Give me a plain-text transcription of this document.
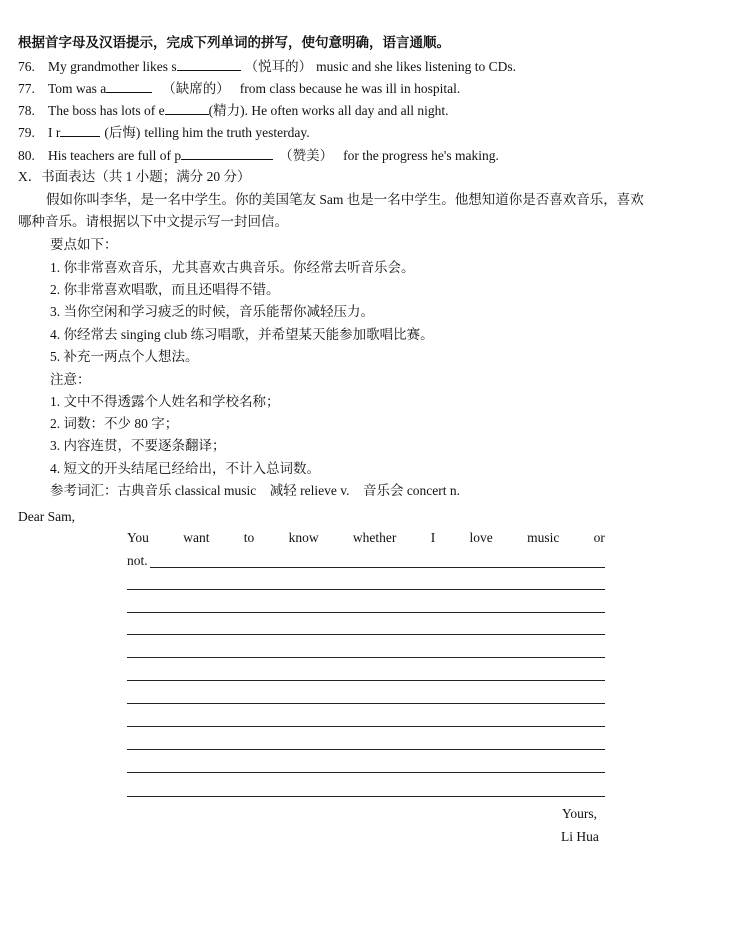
根据首字母及汉语提示，完成下列单词的拼写，使句意明确，语言通顺。
76. My grandmother likes s	（悦耳的） music and she likes listening to CDs.
77. Tom was a	（缺席的） from class because he was ill in hospital.
78. The boss has lots of e	(精力). He often works all day and all night.
79. I r	(后悔) telling him the truth yesterday.
80. His teachers are full of p	（赞美） for the progress he's making.
X．书面表达（共 1 小题；满分 20 分）
假如你叫李华，是一名中学生。你的美国笔友 Sam 也是一名中学生。他想知道你是否喜欢音乐，喜欢
哪种音乐。请根据以下中文提示写一封回信。
要点如下：
1. 你非常喜欢音乐，尤其喜欢古典音乐。你经常去听音乐会。
2. 你非常喜欢唱歌，而且还唱得不错。
3. 当你空闲和学习疲乏的时候，音乐能帮你减轻压力。
4. 你经常去 singing club 练习唱歌，并希望某天能参加歌唱比赛。
5. 补充一两点个人想法。
注意：
1. 文中不得透露个人姓名和学校名称；
2. 词数：不少 80 字；
3. 内容连贯，不要逐条翻译；
4. 短文的开头结尾已经给出，不计入总词数。
参考词汇：古典音乐 classical music　减轻 relieve v.　音乐会 concert n.
Dear Sam,
You	want	to	know	whether	I	love	music	or
not.
Yours,
Li Hua
